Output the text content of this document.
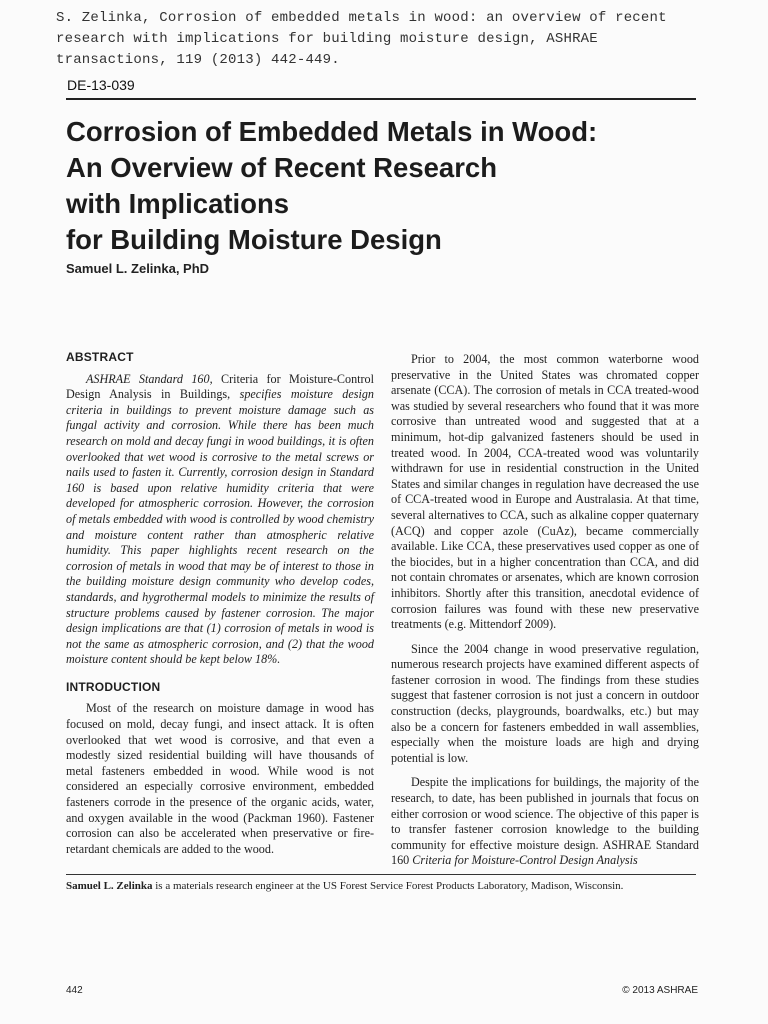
S. Zelinka, Corrosion of embedded metals in wood: an overview of recent
research with implications for building moisture design, ASHRAE
transactions, 119 (2013) 442-449.
DE-13-039
Corrosion of Embedded Metals in Wood:
An Overview of Recent Research
with Implications
for Building Moisture Design
Samuel L. Zelinka, PhD
ABSTRACT

ASHRAE Standard 160, Criteria for Moisture-Control Design Analysis in Buildings, specifies moisture design criteria in buildings to prevent moisture damage such as fungal activity and corrosion. While there has been much research on mold and decay fungi in wood buildings, it is often overlooked that wet wood is corrosive to the metal screws or nails used to fasten it. Currently, corrosion design in Standard 160 is based upon relative humidity criteria that were developed for atmospheric corrosion. However, the corrosion of metals embedded with wood is controlled by wood chemistry and moisture content rather than atmospheric relative humidity. This paper highlights recent research on the corrosion of metals in wood that may be of interest to those in the building moisture design community who develop codes, standards, and hygrothermal models to minimize the results of structure problems caused by fastener corrosion. The major design implications are that (1) corrosion of metals in wood is not the same as atmospheric corrosion, and (2) that the wood moisture content should be kept below 18%.

INTRODUCTION

Most of the research on moisture damage in wood has focused on mold, decay fungi, and insect attack. It is often overlooked that wet wood is corrosive, and that even a modestly sized residential building will have thousands of metal fasteners embedded in wood. While wood is not considered an especially corrosive environment, embedded fasteners corrode in the presence of the organic acids, water, and oxygen available in the wood (Packman 1960). Fastener corrosion can also be accelerated when preservative or fire-retardant chemicals are added to the wood.

Prior to 2004, the most common waterborne wood preservative in the United States was chromated copper arsenate (CCA). The corrosion of metals in CCA treated-wood was studied by several researchers who found that it was more corrosive than untreated wood and suggested that at a minimum, hot-dip galvanized fasteners should be used in treated wood. In 2004, CCA-treated wood was voluntarily withdrawn for use in residential construction in the United States and similar changes in regulation have decreased the use of CCA-treated wood in Europe and Australasia. At that time, several alternatives to CCA, such as alkaline copper quaternary (ACQ) and copper azole (CuAz), became commercially available. Like CCA, these preservatives used copper as one of the biocides, but in a higher concentration than CCA, and did not contain chromates or arsenates, which are known corrosion inhibitors. Shortly after this transition, anecdotal evidence of corrosion failures was found with these new preservative treatments (e.g. Mittendorf 2009).

Since the 2004 change in wood preservative regulation, numerous research projects have examined different aspects of fastener corrosion in wood. The findings from these studies suggest that fastener corrosion is not just a concern in outdoor construction (decks, playgrounds, boardwalks, etc.) but may also be a concern for fasteners embedded in wall assemblies, especially when the moisture loads are high and drying potential is low.

Despite the implications for buildings, the majority of the research, to date, has been published in journals that focus on either corrosion or wood science. The objective of this paper is to transfer fastener corrosion knowledge to the building community for effective moisture design. ASHRAE Standard 160 Criteria for Moisture-Control Design Analysis

Samuel L. Zelinka is a materials research engineer at the US Forest Service Forest Products Laboratory, Madison, Wisconsin.
442	© 2013 ASHRAE
